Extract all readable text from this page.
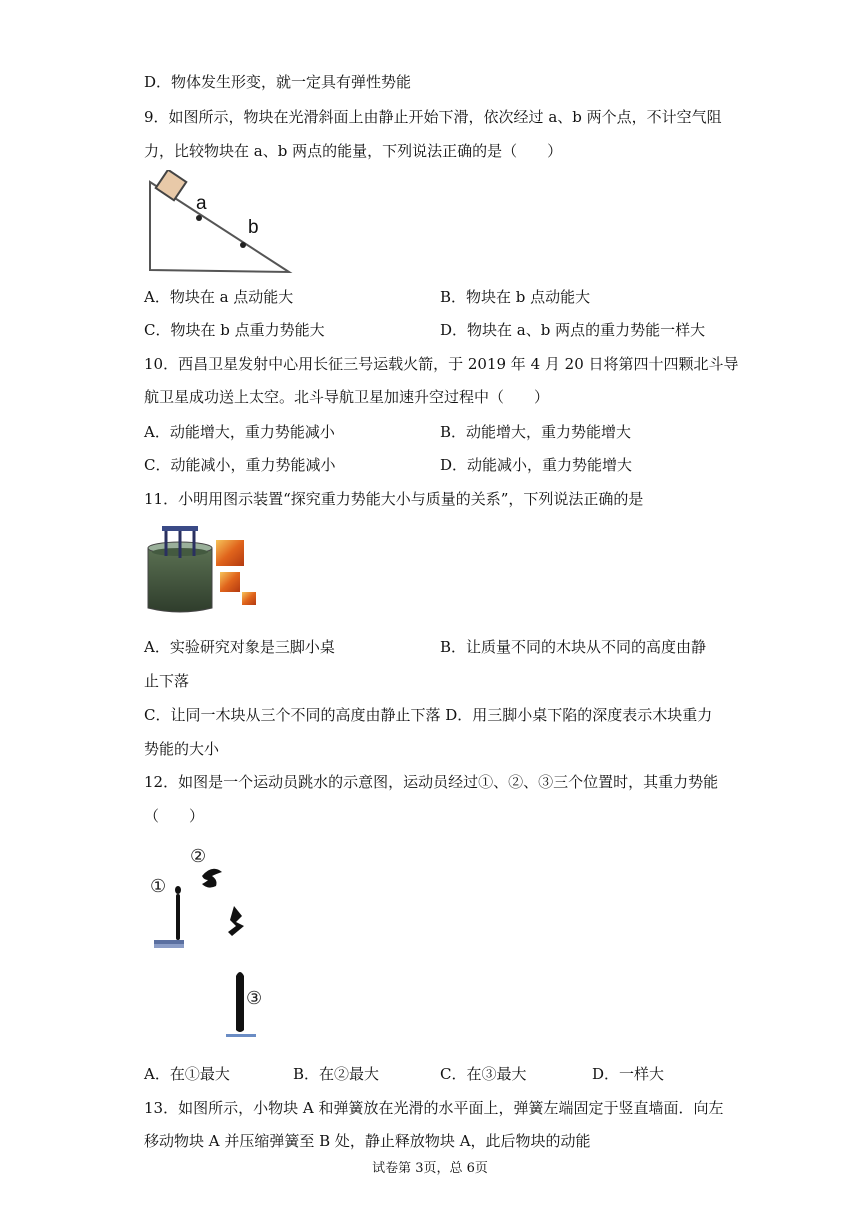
D．物体发生形变，就一定具有弹性势能
9．如图所示，物块在光滑斜面上由静止开始下滑，依次经过 a、b 两个点，不计空气阻
力，比较物块在 a、b 两点的能量，下列说法正确的是（　　）
a
b
A．物块在 a 点动能大	B．物块在 b 点动能大
C．物块在 b 点重力势能大	D．物块在 a、b 两点的重力势能一样大
10．西昌卫星发射中心用长征三号运载火箭，于 2019 年 4 月 20 日将第四十四颗北斗导
航卫星成功送上太空。北斗导航卫星加速升空过程中（　　）
A．动能增大，重力势能减小	B．动能增大，重力势能增大
C．动能减小，重力势能减小	D．动能减小，重力势能增大
11．小明用图示装置“探究重力势能大小与质量的关系”，下列说法正确的是
A．实验研究对象是三脚小桌	B．让质量不同的木块从不同的高度由静
止下落
C．让同一木块从三个不同的高度由静止下落 D．用三脚小桌下陷的深度表示木块重力
势能的大小
12．如图是一个运动员跳水的示意图，运动员经过①、②、③三个位置时，其重力势能
（　　）
①
②
③
A．在①最大	B．在②最大	C．在③最大	D．一样大
13．如图所示，小物块 A 和弹簧放在光滑的水平面上，弹簧左端固定于竖直墙面．向左
移动物块 A 并压缩弹簧至 B 处，静止释放物块 A，此后物块的动能
试卷第 3页，总 6页
